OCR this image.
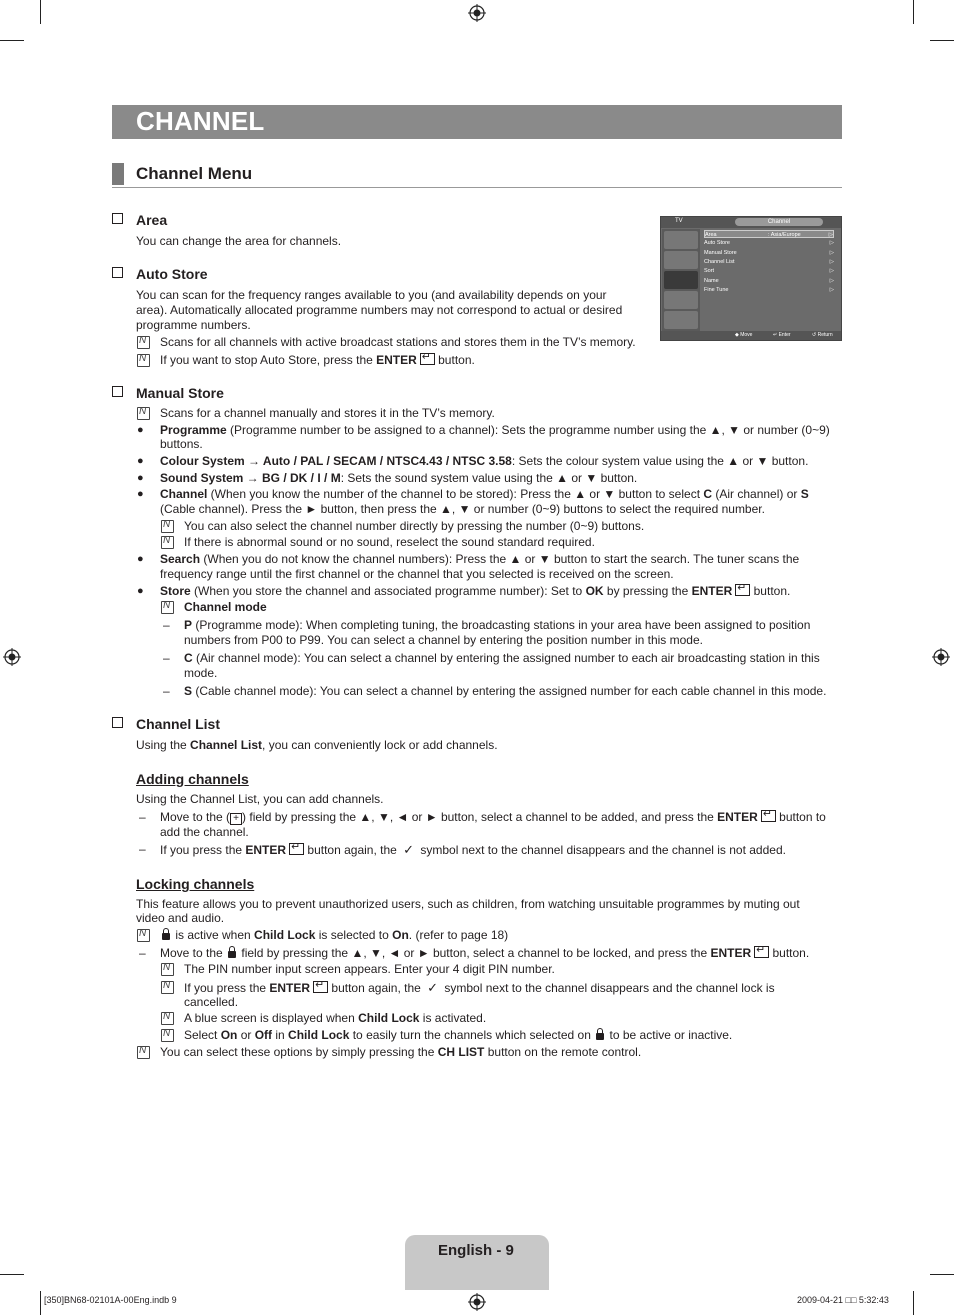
CHANNEL
Channel Menu
Area
You can change the area for channels.
Auto Store
You can scan for the frequency ranges available to you (and availability depends on your
area). Automatically allocated programme numbers may not correspond to actual or desired
programme numbers.
N
Scans for all channels with active broadcast stations and stores them in the TV’s memory.
N
If you want to stop Auto Store, press the ENTER↵ button.
TV	Channel
Area	: Asia/Europe	▷
Auto Store	▷
Manual Store	▷
Channel List	▷
Sort	▷
Name	▷
Fine Tune	▷
◆ Move	↵ Enter	↺ Return
Manual Store
N
Scans for a channel manually and stores it in the TV’s memory.
● Programme (Programme number to be assigned to a channel): Sets the programme number using the ▲, ▼ or number (0~9)
buttons.
● Colour System → Auto / PAL / SECAM / NTSC4.43 / NTSC 3.58: Sets the colour system value using the ▲ or ▼ button.
● Sound System → BG / DK / I / M: Sets the sound system value using the ▲ or ▼ button.
● Channel (When you know the number of the channel to be stored): Press the ▲ or ▼ button to select C (Air channel) or S
(Cable channel). Press the ► button, then press the ▲, ▼ or number (0~9) buttons to select the required number.
N
You can also select the channel number directly by pressing the number (0~9) buttons.
N
If there is abnormal sound or no sound, reselect the sound standard required.
● Search (When you do not know the channel numbers): Press the ▲ or ▼ button to start the search. The tuner scans the
frequency range until the first channel or the channel that you selected is received on the screen.
● Store (When you store the channel and associated programme number): Set to OK by pressing the ENTER↵ button.
N
Channel mode
– P (Programme mode): When completing tuning, the broadcasting stations in your area have been assigned to position
numbers from P00 to P99. You can select a channel by entering the position number in this mode.
– C (Air channel mode): You can select a channel by entering the assigned number to each air broadcasting station in this
mode.
– S (Cable channel mode): You can select a channel by entering the assigned number for each cable channel in this mode.
Channel List
Using the Channel List, you can conveniently lock or add channels.
Adding channels
Using the Channel List, you can add channels.
– Move to the ( + ) field by pressing the ▲, ▼, ◄ or ► button, select a channel to be added, and press the ENTER↵ button to
add the channel.
– If you press the ENTER↵ button again, the ✓ symbol next to the channel disappears and the channel is not added.
Locking channels
This feature allows you to prevent unauthorized users, such as children, from watching unsuitable programmes by muting out
video and audio.
N
is active when Child Lock is selected to On. (refer to page 18)
– Move to the  field by pressing the ▲, ▼, ◄ or ► button, select a channel to be locked, and press the ENTER↵ button.
N
The PIN number input screen appears. Enter your 4 digit PIN number.
N
If you press the ENTER↵ button again, the ✓ symbol next to the channel disappears and the channel lock is
cancelled.
N
A blue screen is displayed when Child Lock is activated.
N
Select On or Off in Child Lock to easily turn the channels which selected on  to be active or inactive.
N
You can select these options by simply pressing the CH LIST button on the remote control.
English - 9
[350]BN68-02101A-00Eng.indb 9	2009-04-21 □□ 5:32:43
